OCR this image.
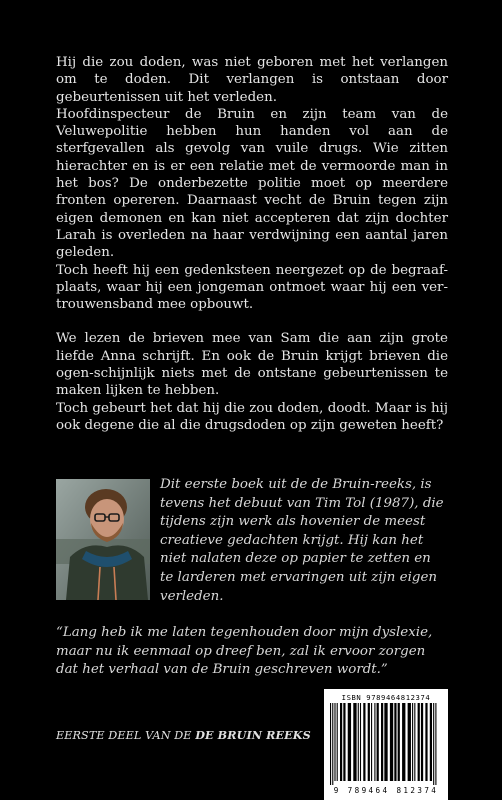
Hij die zou doden, was niet geboren met het verlangen om te doden. Dit verlangen is ontstaan door gebeurtenissen uit het verleden.

Hoofdinspecteur de Bruin en zijn team van de Veluwepolitie hebben hun handen vol aan de sterfgevallen als gevolg van vuile drugs. Wie zitten hierachter en is er een relatie met de vermoorde man in het bos? De onderbezette politie moet op meerdere fronten opereren. Daarnaast vecht de Bruin tegen zijn eigen demonen en kan niet accepteren dat zijn dochter Larah is overleden na haar verdwijning een aantal jaren geleden.

Toch heeft hij een gedenksteen neergezet op de begraaf-plaats, waar hij een jongeman ontmoet waar hij een ver-trouwensband mee opbouwt.

We lezen de brieven mee van Sam die aan zijn grote liefde Anna schrijft. En ook de Bruin krijgt brieven die ogen-schijnlijk niets met de ontstane gebeurtenissen te maken lijken te hebben.

Toch gebeurt het dat hij die zou doden, doodt. Maar is hij ook degene die al die drugsdoden op zijn geweten heeft?

Dit eerste boek uit de de Bruin-reeks, is tevens het debuut van Tim Tol (1987), die tijdens zijn werk als hovenier de meest creatieve gedachten krijgt. Hij kan het niet nalaten deze op papier te zetten en te larderen met ervaringen uit zijn eigen verleden.

“Lang heb ik me laten tegenhouden door mijn dyslexie, maar nu ik eenmaal op dreef ben, zal ik ervoor zorgen dat het verhaal van de Bruin geschreven wordt.”

EERSTE DEEL VAN DE DE BRUIN REEKS

ISBN 9789464812374
9 789464 812374
